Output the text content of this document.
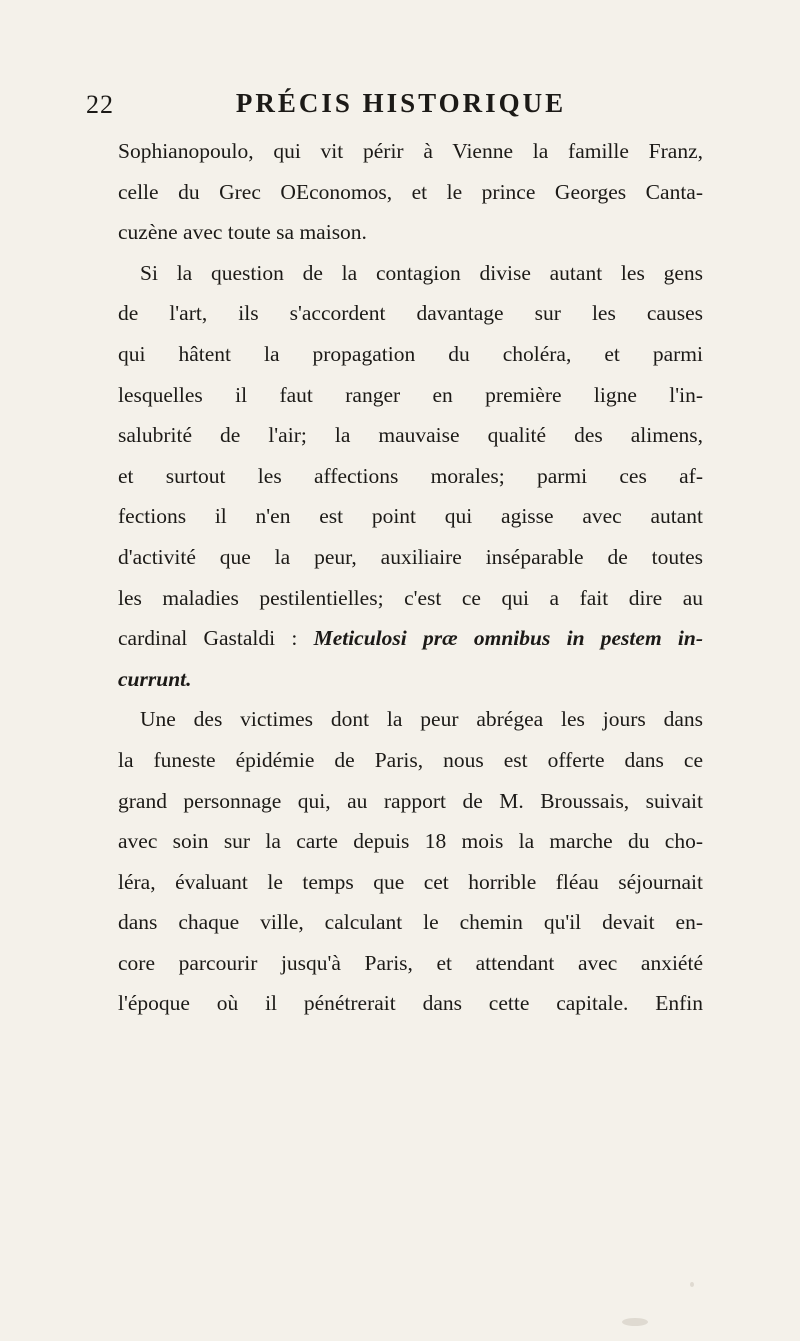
22	PRÉCIS HISTORIQUE
Sophianopoulo, qui vit périr à Vienne la famille Franz,
celle du Grec OEconomos, et le prince Georges Canta-
cuzène avec toute sa maison.
Si la question de la contagion divise autant les gens
de l'art, ils s'accordent davantage sur les causes
qui hâtent la propagation du choléra, et parmi
lesquelles il faut ranger en première ligne l'in-
salubrité de l'air; la mauvaise qualité des alimens,
et surtout les affections morales; parmi ces af-
fections il n'en est point qui agisse avec autant
d'activité que la peur, auxiliaire inséparable de toutes
les maladies pestilentielles; c'est ce qui a fait dire au
cardinal Gastaldi : Meticulosi præ omnibus in pestem in-
currunt.
Une des victimes dont la peur abrégea les jours dans
la funeste épidémie de Paris, nous est offerte dans ce
grand personnage qui, au rapport de M. Broussais, suivait
avec soin sur la carte depuis 18 mois la marche du cho-
léra, évaluant le temps que cet horrible fléau séjournait
dans chaque ville, calculant le chemin qu'il devait en-
core parcourir jusqu'à Paris, et attendant avec anxiété
l'époque où il pénétrerait dans cette capitale. Enfin
